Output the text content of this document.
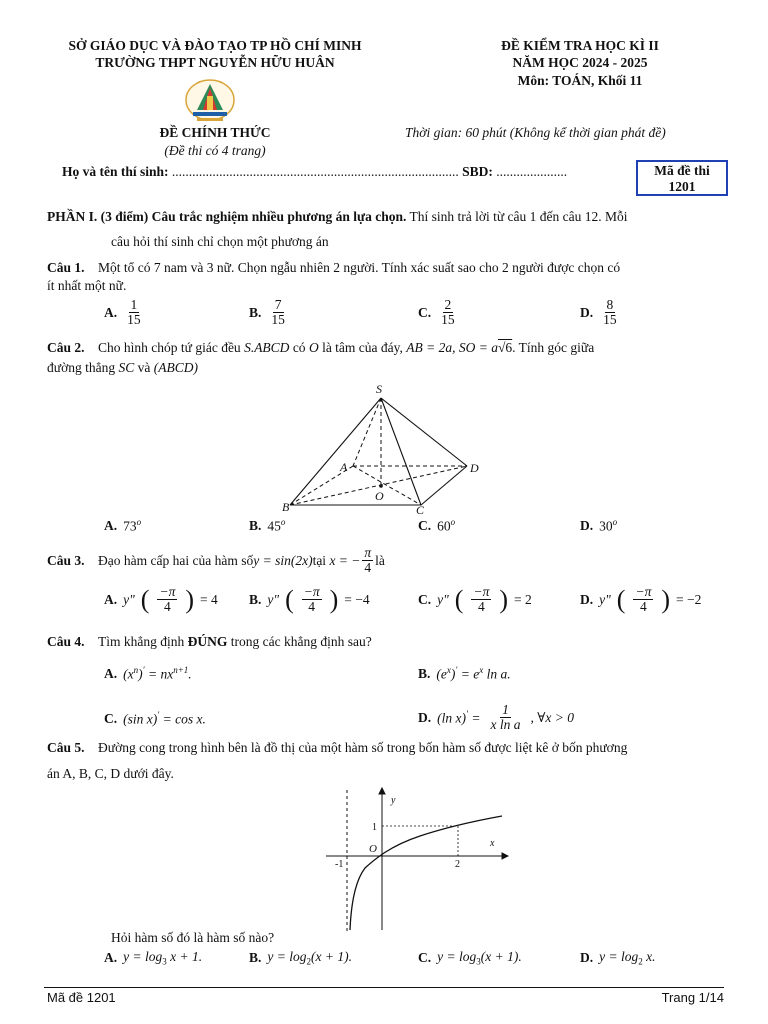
SỞ GIÁO DỤC VÀ ĐÀO TẠO TP HỒ CHÍ MINH
TRƯỜNG THPT NGUYỄN HỮU HUÂN
ĐỀ KIỂM TRA HỌC KÌ II
NĂM HỌC 2024 - 2025
Môn: TOÁN, Khối 11
ĐỀ CHÍNH THỨC
(Đề thi có 4 trang)
Thời gian: 60 phút (Không kể thời gian phát đề)
Họ và tên thí sinh: ..................................................................................... SBD: .....................	Mã đề thi
1201
PHẦN I. (3 điểm) Câu trắc nghiệm nhiều phương án lựa chọn. Thí sinh trả lời từ câu 1 đến câu 12. Mỗi
câu hỏi thí sinh chỉ chọn một phương án
Câu 1. Một tổ có 7 nam và 3 nữ. Chọn ngẫu nhiên 2 người. Tính xác suất sao cho 2 người được chọn có
ít nhất một nữ.
A. $\frac{1}{15}$	B. $\frac{7}{15}$	C. $\frac{2}{15}$	D. $\frac{8}{15}$
Câu 2. Cho hình chóp tứ giác đều S.ABCD có O là tâm của đáy, AB = 2a, SO = a√6. Tính góc giữa
đường thẳng SC và (ABCD)
S
A
B	C
D
O
A. 73$^o$	B. 45$^o$	C. 60$^o$	D. 30$^o$
Câu 3.
Đạo hàm cấp hai của hàm số y = sin(2x) tại
x = − $\frac{\pi}{4}$ là
A. y" ( $\frac{-\pi}{4}$ ) = 4 B. y" ( $\frac{-\pi}{4}$ ) = −4	C. y" ( $\frac{-\pi}{4}$ ) = 2	D. y" ( $\frac{-\pi}{4}$ ) = −2
Câu 4. Tìm khẳng định ĐÚNG trong các khẳng định sau?
A. $(x^n)' = nx^{n+1}$.	B. $(e^x)' = e^x$ ln a.
C. (sin x)′ = cos x.	D. (ln $x)' = \frac{1}{\text{x ln a}}$ , ∀x > 0
Câu 5. Đường cong trong hình bên là đồ thị của một hàm số trong bốn hàm số được liệt kê ở bốn phương
án A, B, C, D dưới đây.
y
x
O
1
-1	2
Hỏi hàm số đó là hàm số nào?
A. $y = \log_3 x + 1$.	B. $y = \log_2(x + 1)$.	C. $y = \log_3(x + 1)$.	D. $y = \log_2 x$.
Mã đề 1201	Trang 1/14
